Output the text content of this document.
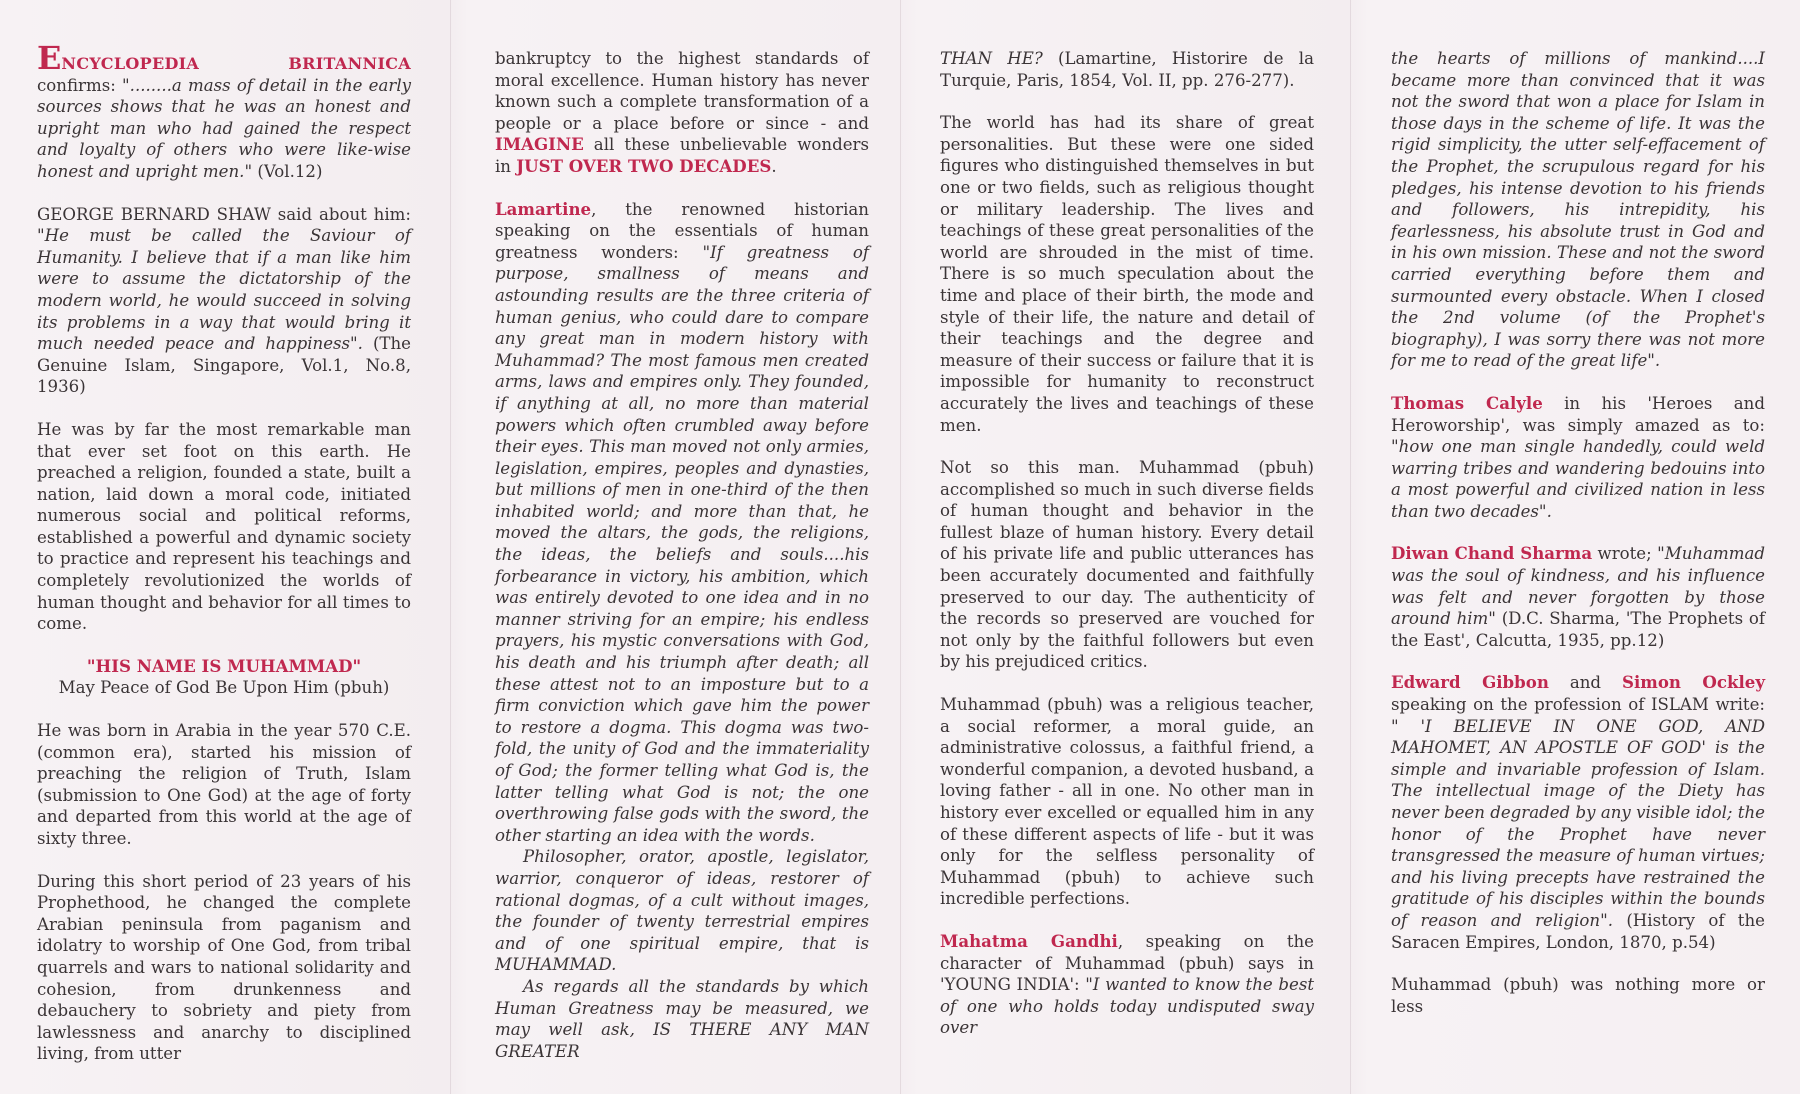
ENCYCLOPEDIA BRITANNICA confirms: "........a mass of detail in the early sources shows that he was an honest and upright man who had gained the respect and loyalty of others who were like-wise honest and upright men." (Vol.12)

GEORGE BERNARD SHAW said about him: "He must be called the Saviour of Humanity. I believe that if a man like him were to assume the dictatorship of the modern world, he would succeed in solving its problems in a way that would bring it much needed peace and happiness". (The Genuine Islam, Singapore, Vol.1, No.8, 1936)

He was by far the most remarkable man that ever set foot on this earth. He preached a religion, founded a state, built a nation, laid down a moral code, initiated numerous social and political reforms, established a powerful and dynamic society to practice and represent his teachings and completely revolutionized the worlds of human thought and behavior for all times to come.

"HIS NAME IS MUHAMMAD"

May Peace of God Be Upon Him (pbuh)

He was born in Arabia in the year 570 C.E. (common era), started his mission of preaching the religion of Truth, Islam (submission to One God) at the age of forty and departed from this world at the age of sixty three.

During this short period of 23 years of his Prophethood, he changed the complete Arabian peninsula from paganism and idolatry to worship of One God, from tribal quarrels and wars to national solidarity and cohesion, from drunkenness and debauchery to sobriety and piety from lawlessness and anarchy to disciplined living, from utter

bankruptcy to the highest standards of moral excellence. Human history has never known such a complete transformation of a people or a place before or since - and IMAGINE all these unbelievable wonders in JUST OVER TWO DECADES.

Lamartine, the renowned historian speaking on the essentials of human greatness wonders: "If greatness of purpose, smallness of means and astounding results are the three criteria of human genius, who could dare to compare any great man in modern history with Muhammad? The most famous men created arms, laws and empires only. They founded, if anything at all, no more than material powers which often crumbled away before their eyes. This man moved not only armies, legislation, empires, peoples and dynasties, but millions of men in one-third of the then inhabited world; and more than that, he moved the altars, the gods, the religions, the ideas, the beliefs and souls....his forbearance in victory, his ambition, which was entirely devoted to one idea and in no manner striving for an empire; his endless prayers, his mystic conversations with God, his death and his triumph after death; all these attest not to an imposture but to a firm conviction which gave him the power to restore a dogma. This dogma was two-fold, the unity of God and the immateriality of God; the former telling what God is, the latter telling what God is not; the one overthrowing false gods with the sword, the other starting an idea with the words.

Philosopher, orator, apostle, legislator, warrior, conqueror of ideas, restorer of rational dogmas, of a cult without images, the founder of twenty terrestrial empires and of one spiritual empire, that is MUHAMMAD.

As regards all the standards by which Human Greatness may be measured, we may well ask, IS THERE ANY MAN GREATER

THAN HE? (Lamartine, Historire de la Turquie, Paris, 1854, Vol. II, pp. 276-277).

The world has had its share of great personalities. But these were one sided figures who distinguished themselves in but one or two fields, such as religious thought or military leadership. The lives and teachings of these great personalities of the world are shrouded in the mist of time. There is so much speculation about the time and place of their birth, the mode and style of their life, the nature and detail of their teachings and the degree and measure of their success or failure that it is impossible for humanity to reconstruct accurately the lives and teachings of these men.

Not so this man. Muhammad (pbuh) accomplished so much in such diverse fields of human thought and behavior in the fullest blaze of human history. Every detail of his private life and public utterances has been accurately documented and faithfully preserved to our day. The authenticity of the records so preserved are vouched for not only by the faithful followers but even by his prejudiced critics.

Muhammad (pbuh) was a religious teacher, a social reformer, a moral guide, an administrative colossus, a faithful friend, a wonderful companion, a devoted husband, a loving father - all in one. No other man in history ever excelled or equalled him in any of these different aspects of life - but it was only for the selfless personality of Muhammad (pbuh) to achieve such incredible perfections.

Mahatma Gandhi, speaking on the character of Muhammad (pbuh) says in 'YOUNG INDIA': "I wanted to know the best of one who holds today undisputed sway over

the hearts of millions of mankind....I became more than convinced that it was not the sword that won a place for Islam in those days in the scheme of life. It was the rigid simplicity, the utter self-effacement of the Prophet, the scrupulous regard for his pledges, his intense devotion to his friends and followers, his intrepidity, his fearlessness, his absolute trust in God and in his own mission. These and not the sword carried everything before them and surmounted every obstacle. When I closed the 2nd volume (of the Prophet's biography), I was sorry there was not more for me to read of the great life".

Thomas Calyle in his 'Heroes and Heroworship', was simply amazed as to: "how one man single handedly, could weld warring tribes and wandering bedouins into a most powerful and civilized nation in less than two decades".

Diwan Chand Sharma wrote; "Muhammad was the soul of kindness, and his influence was felt and never forgotten by those around him" (D.C. Sharma, 'The Prophets of the East', Calcutta, 1935, pp.12)

Edward Gibbon and Simon Ockley speaking on the profession of ISLAM write: " 'I BELIEVE IN ONE GOD, AND MAHOMET, AN APOSTLE OF GOD' is the simple and invariable profession of Islam. The intellectual image of the Diety has never been degraded by any visible idol; the honor of the Prophet have never transgressed the measure of human virtues; and his living precepts have restrained the gratitude of his disciples within the bounds of reason and religion". (History of the Saracen Empires, London, 1870, p.54)

Muhammad (pbuh) was nothing more or less
